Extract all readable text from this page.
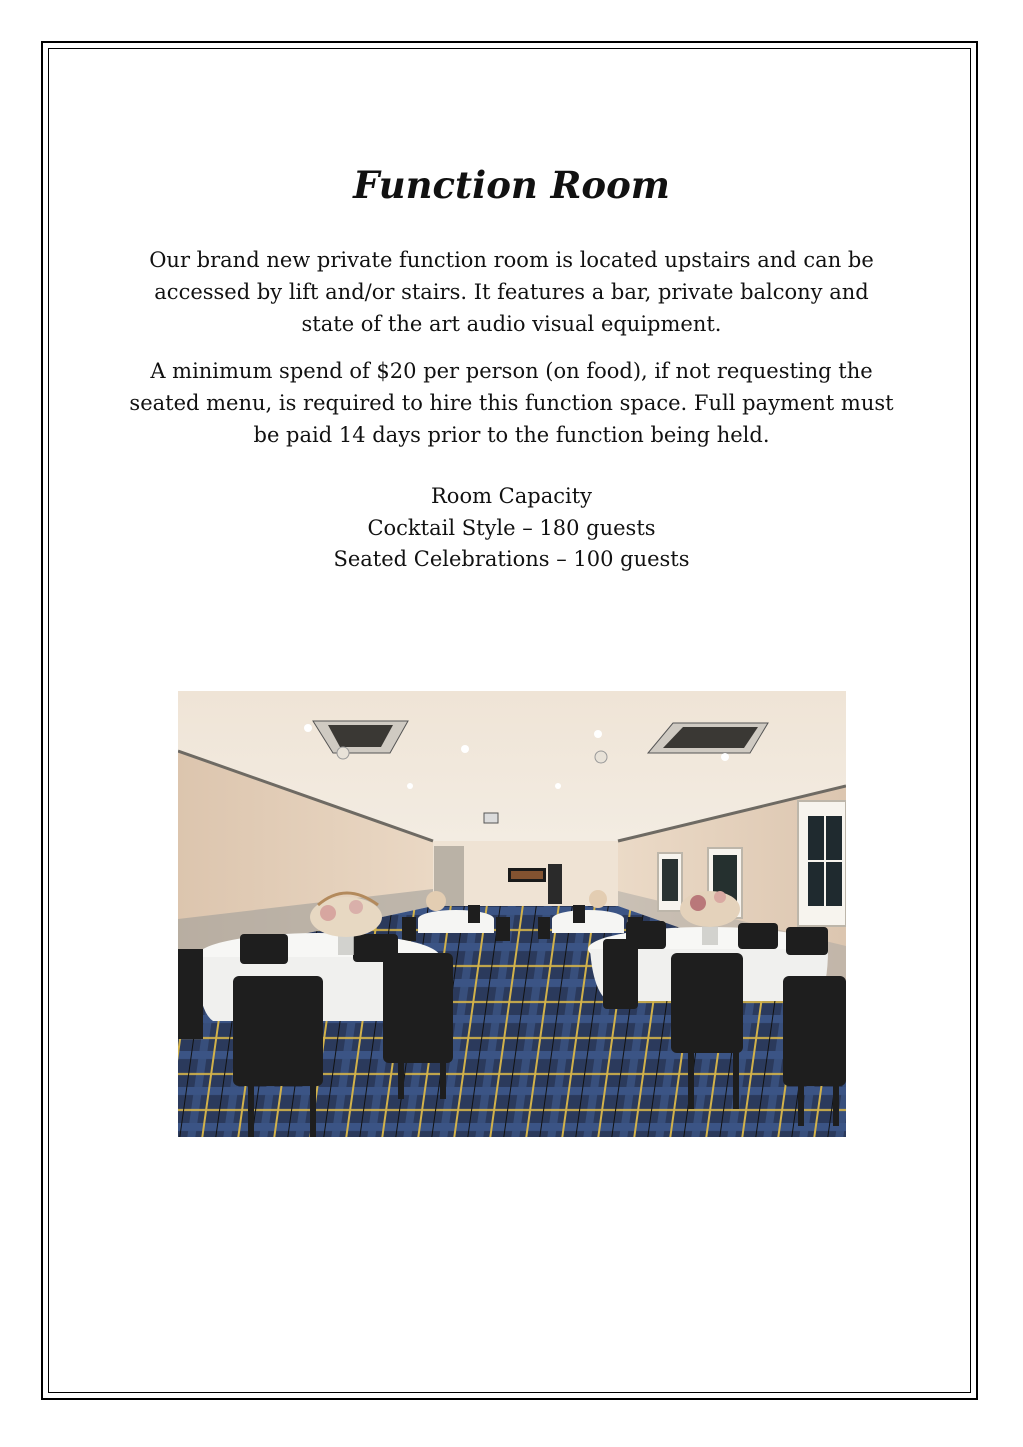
Function Room

Our brand new private function room is located upstairs and can be accessed by lift and/or stairs. It features a bar, private balcony and state of the art audio visual equipment.

A minimum spend of $20 per person (on food), if not requesting the seated menu, is required to hire this function space. Full payment must be paid 14 days prior to the function being held.

Room Capacity
Cocktail Style – 180 guests
Seated Celebrations – 100 guests
